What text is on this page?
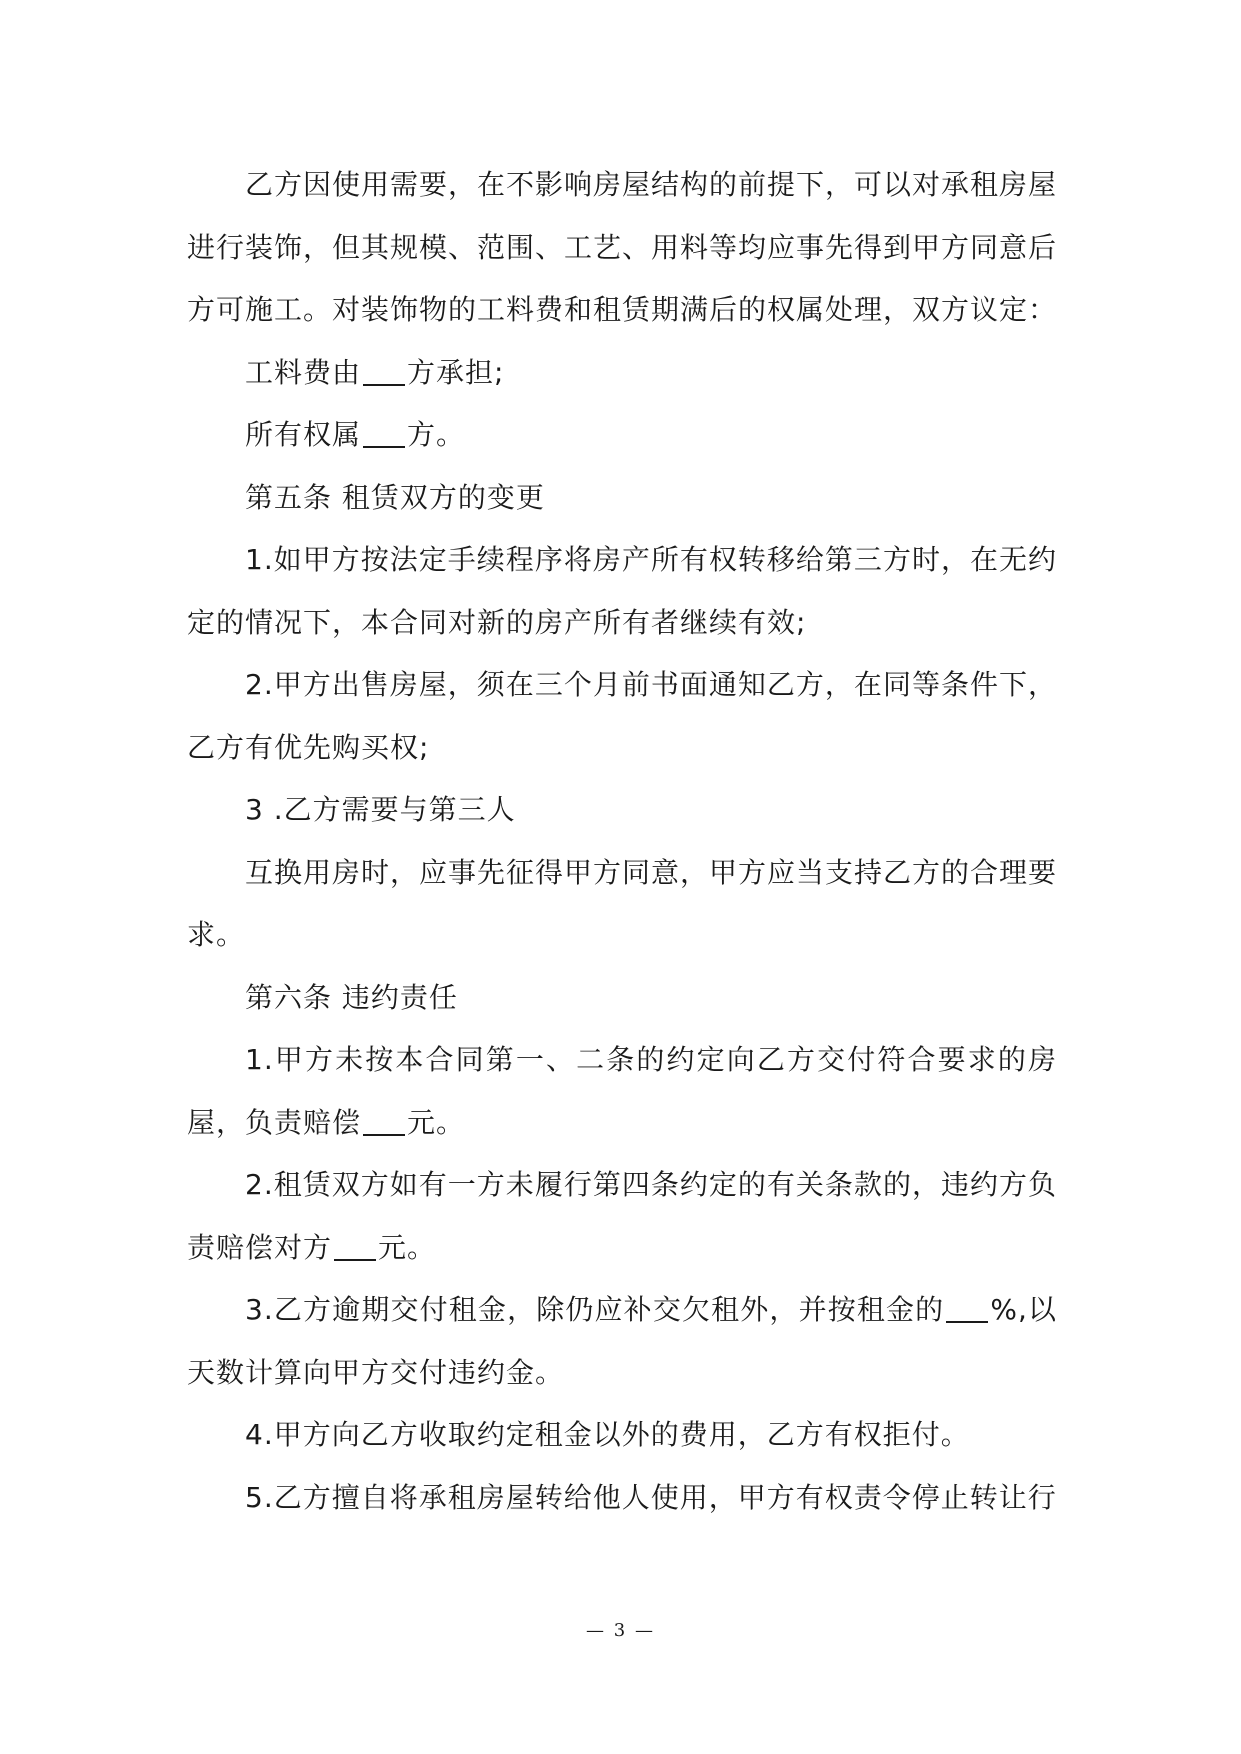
乙方因使用需要，在不影响房屋结构的前提下，可以对承租房屋进行装饰，但其规模、范围、工艺、用料等均应事先得到甲方同意后方可施工。对装饰物的工料费和租赁期满后的权属处理，双方议定：

工料费由 方承担;

所有权属 方。

第五条 租赁双方的变更

1.如甲方按法定手续程序将房产所有权转移给第三方时，在无约定的情况下，本合同对新的房产所有者继续有效;

2.甲方出售房屋，须在三个月前书面通知乙方，在同等条件下，乙方有优先购买权;

3 .乙方需要与第三人

互换用房时，应事先征得甲方同意，甲方应当支持乙方的合理要求。

第六条 违约责任

1.甲方未按本合同第一、二条的约定向乙方交付符合要求的房屋，负责赔偿 元。

2.租赁双方如有一方未履行第四条约定的有关条款的，违约方负责赔偿对方 元。

3.乙方逾期交付租金，除仍应补交欠租外，并按租金的 %,以天数计算向甲方交付违约金。

4.甲方向乙方收取约定租金以外的费用，乙方有权拒付。

5.乙方擅自将承租房屋转给他人使用，甲方有权责令停止转让行

— 3 —
